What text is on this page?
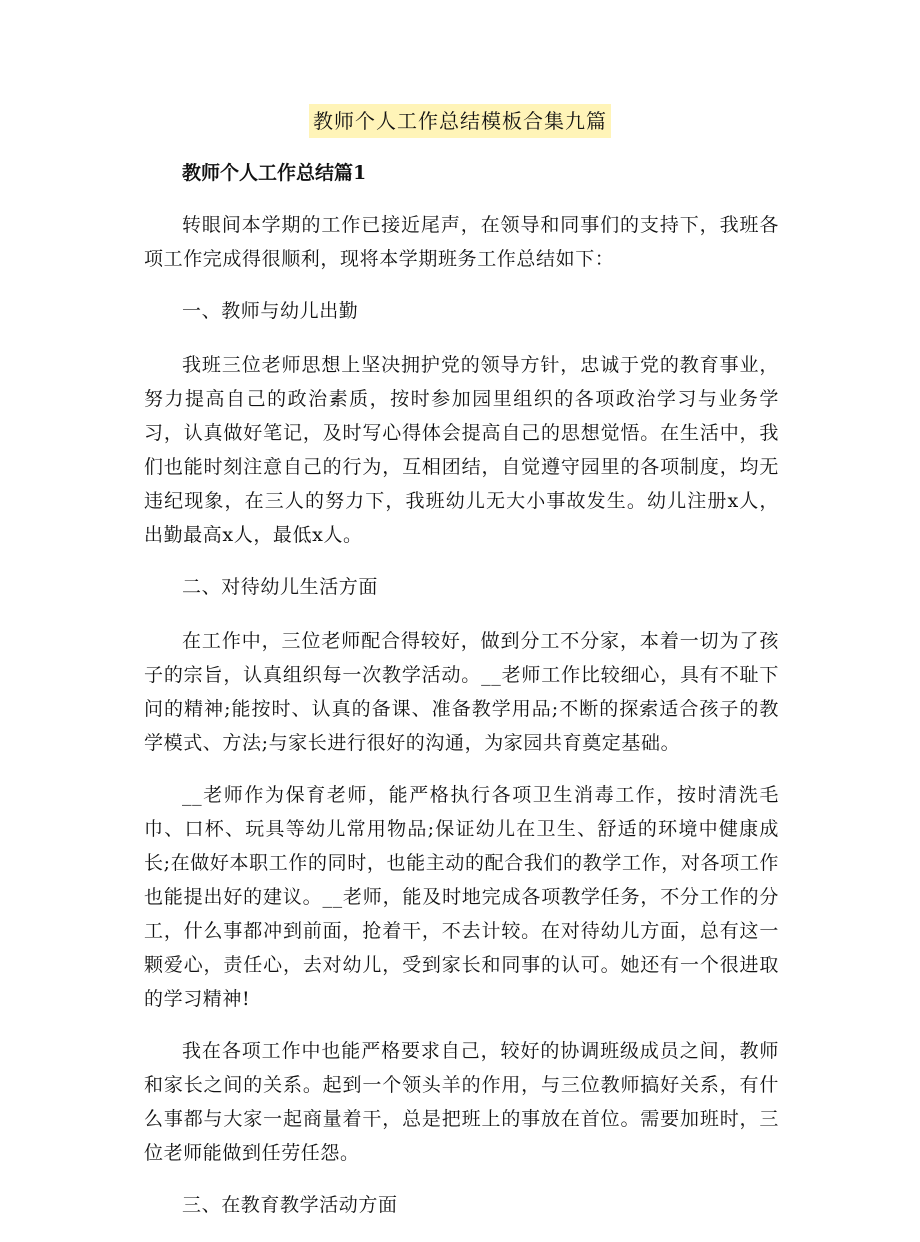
教师个人工作总结模板合集九篇
教师个人工作总结篇1

转眼间本学期的工作已接近尾声，在领导和同事们的支持下，我班各项工作完成得很顺利，现将本学期班务工作总结如下：

一、教师与幼儿出勤

我班三位老师思想上坚决拥护党的领导方针，忠诚于党的教育事业，努力提高自己的政治素质，按时参加园里组织的各项政治学习与业务学习，认真做好笔记，及时写心得体会提高自己的思想觉悟。在生活中，我们也能时刻注意自己的行为，互相团结，自觉遵守园里的各项制度，均无违纪现象，在三人的努力下，我班幼儿无大小事故发生。幼儿注册x人，出勤最高x人，最低x人。

二、对待幼儿生活方面

在工作中，三位老师配合得较好，做到分工不分家，本着一切为了孩子的宗旨，认真组织每一次教学活动。__老师工作比较细心，具有不耻下问的精神;能按时、认真的备课、准备教学用品;不断的探索适合孩子的教学模式、方法;与家长进行很好的沟通，为家园共育奠定基础。

__老师作为保育老师，能严格执行各项卫生消毒工作，按时清洗毛巾、口杯、玩具等幼儿常用物品;保证幼儿在卫生、舒适的环境中健康成长;在做好本职工作的同时，也能主动的配合我们的教学工作，对各项工作也能提出好的建议。__老师，能及时地完成各项教学任务，不分工作的分工，什么事都冲到前面，抢着干，不去计较。在对待幼儿方面，总有这一颗爱心，责任心，去对幼儿，受到家长和同事的认可。她还有一个很进取的学习精神!

我在各项工作中也能严格要求自己，较好的协调班级成员之间，教师和家长之间的关系。起到一个领头羊的作用，与三位教师搞好关系，有什么事都与大家一起商量着干，总是把班上的事放在首位。需要加班时，三位老师能做到任劳任怨。

三、在教育教学活动方面
